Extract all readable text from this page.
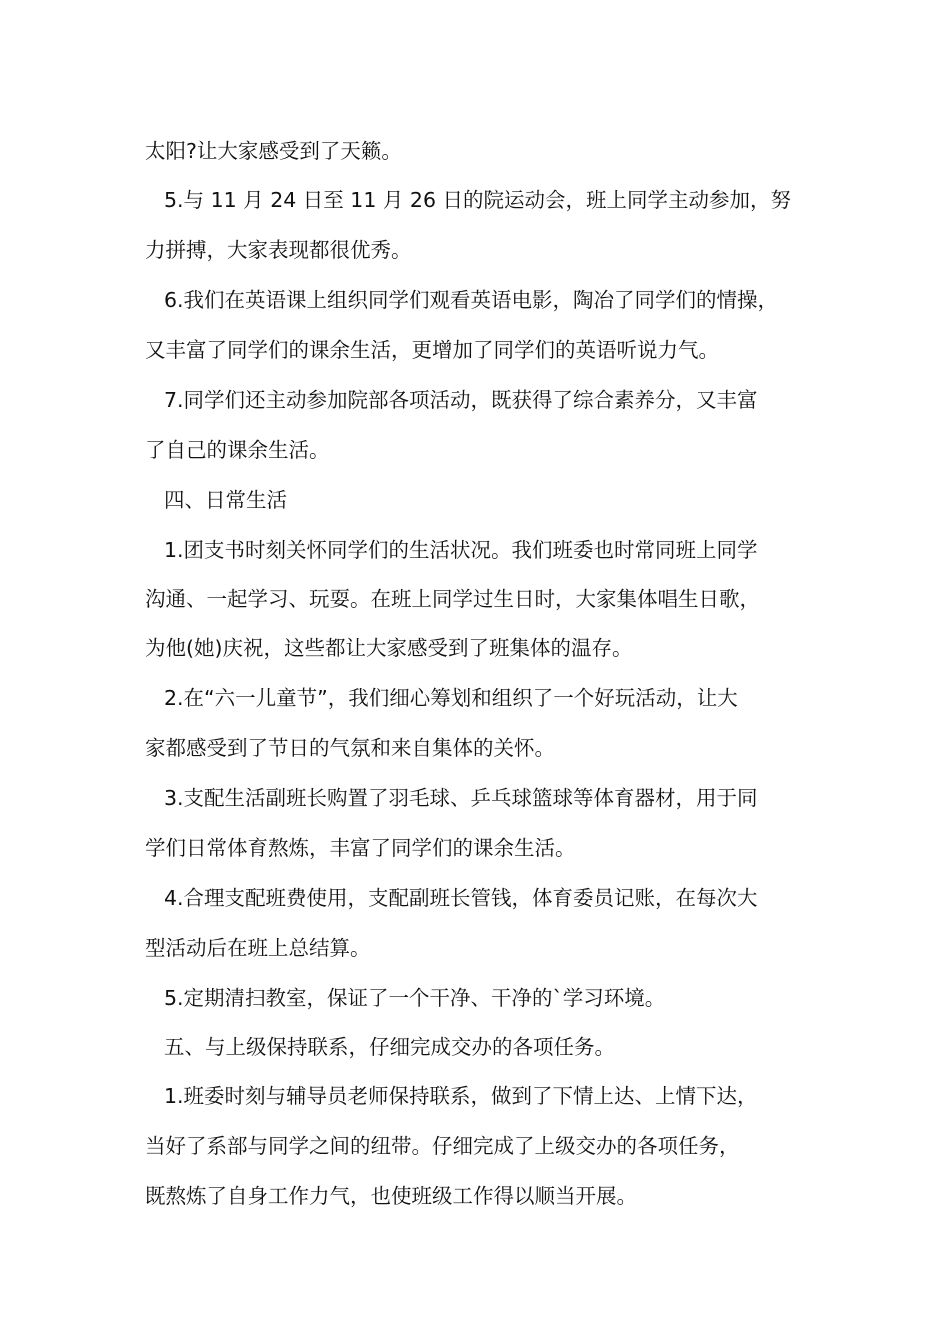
太阳?让大家感受到了天籁。
5.与 11 月 24 日至 11 月 26 日的院运动会，班上同学主动参加，努
力拼搏，大家表现都很优秀。
6.我们在英语课上组织同学们观看英语电影，陶冶了同学们的情操，
又丰富了同学们的课余生活，更增加了同学们的英语听说力气。
7.同学们还主动参加院部各项活动，既获得了综合素养分，又丰富
了自己的课余生活。
四、日常生活
1.团支书时刻关怀同学们的生活状况。我们班委也时常同班上同学
沟通、一起学习、玩耍。在班上同学过生日时，大家集体唱生日歌，
为他(她)庆祝，这些都让大家感受到了班集体的温存。
2.在“六一儿童节”，我们细心筹划和组织了一个好玩活动，让大
家都感受到了节日的气氛和来自集体的关怀。
3.支配生活副班长购置了羽毛球、乒乓球篮球等体育器材，用于同
学们日常体育熬炼，丰富了同学们的课余生活。
4.合理支配班费使用，支配副班长管钱，体育委员记账，在每次大
型活动后在班上总结算。
5.定期清扫教室，保证了一个干净、干净的`学习环境。
五、与上级保持联系，仔细完成交办的各项任务。
1.班委时刻与辅导员老师保持联系，做到了下情上达、上情下达，
当好了系部与同学之间的纽带。仔细完成了上级交办的各项任务，
既熬炼了自身工作力气，也使班级工作得以顺当开展。
